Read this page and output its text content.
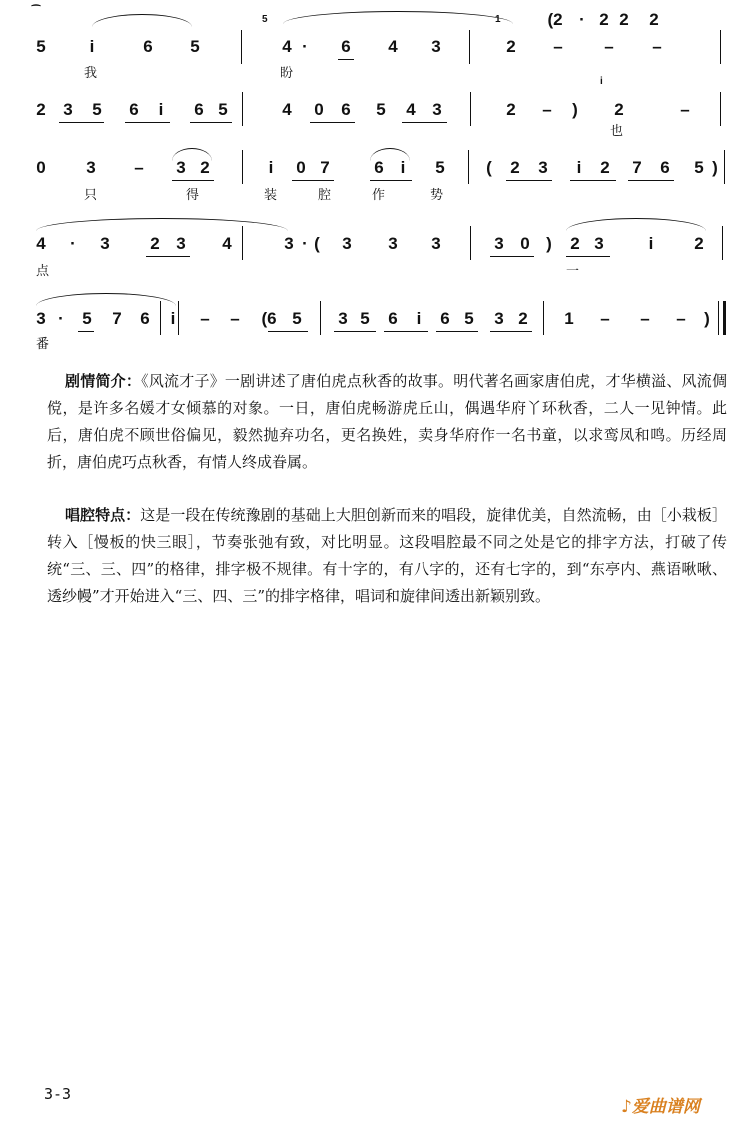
⁀
5	i	6 5
5
4 ·	6 4 3
1
2 – – –
(2 · 2 2 2
我	盼
2 3 5 6	i	6 5	4 0 6 5 4 3	2 –	)
i
2	–
也
0 3 – 3 2	i	0 7	6 i	5	(	2 3	i	2 7 6 5 )
只	得	装	腔	作	势
4	·	3 2 3 4	3 · (	3 3 3	3 0 )	2 3	i	2
点	一
3 ·	5 7 6	i	– –	(6 5 3 5 6	i	6 5 3 2 1 – – –	)
番
剧情简介：《风流才子》一剧讲述了唐伯虎点秋香的故事。明代著名画家唐伯虎，才华横溢、风流倜傥，是许多名媛才女倾慕的对象。一日，唐伯虎畅游虎丘山，偶遇华府丫环秋香，二人一见钟情。此后，唐伯虎不顾世俗偏见，毅然抛弃功名，更名换姓，卖身华府作一名书童，以求鸾凤和鸣。历经周折，唐伯虎巧点秋香，有情人终成眷属。
唱腔特点：这是一段在传统豫剧的基础上大胆创新而来的唱段，旋律优美，自然流畅，由［小栽板］转入［慢板的快三眼］，节奏张弛有致，对比明显。这段唱腔最不同之处是它的排字方法，打破了传统“三、三、四”的格律，排字极不规律。有十字的，有八字的，还有七字的，到“东亭内、燕语啾啾、透纱幔”才开始进入“三、四、三”的排字格律，唱词和旋律间透出新颖别致。
3-3
♪爱曲谱网
